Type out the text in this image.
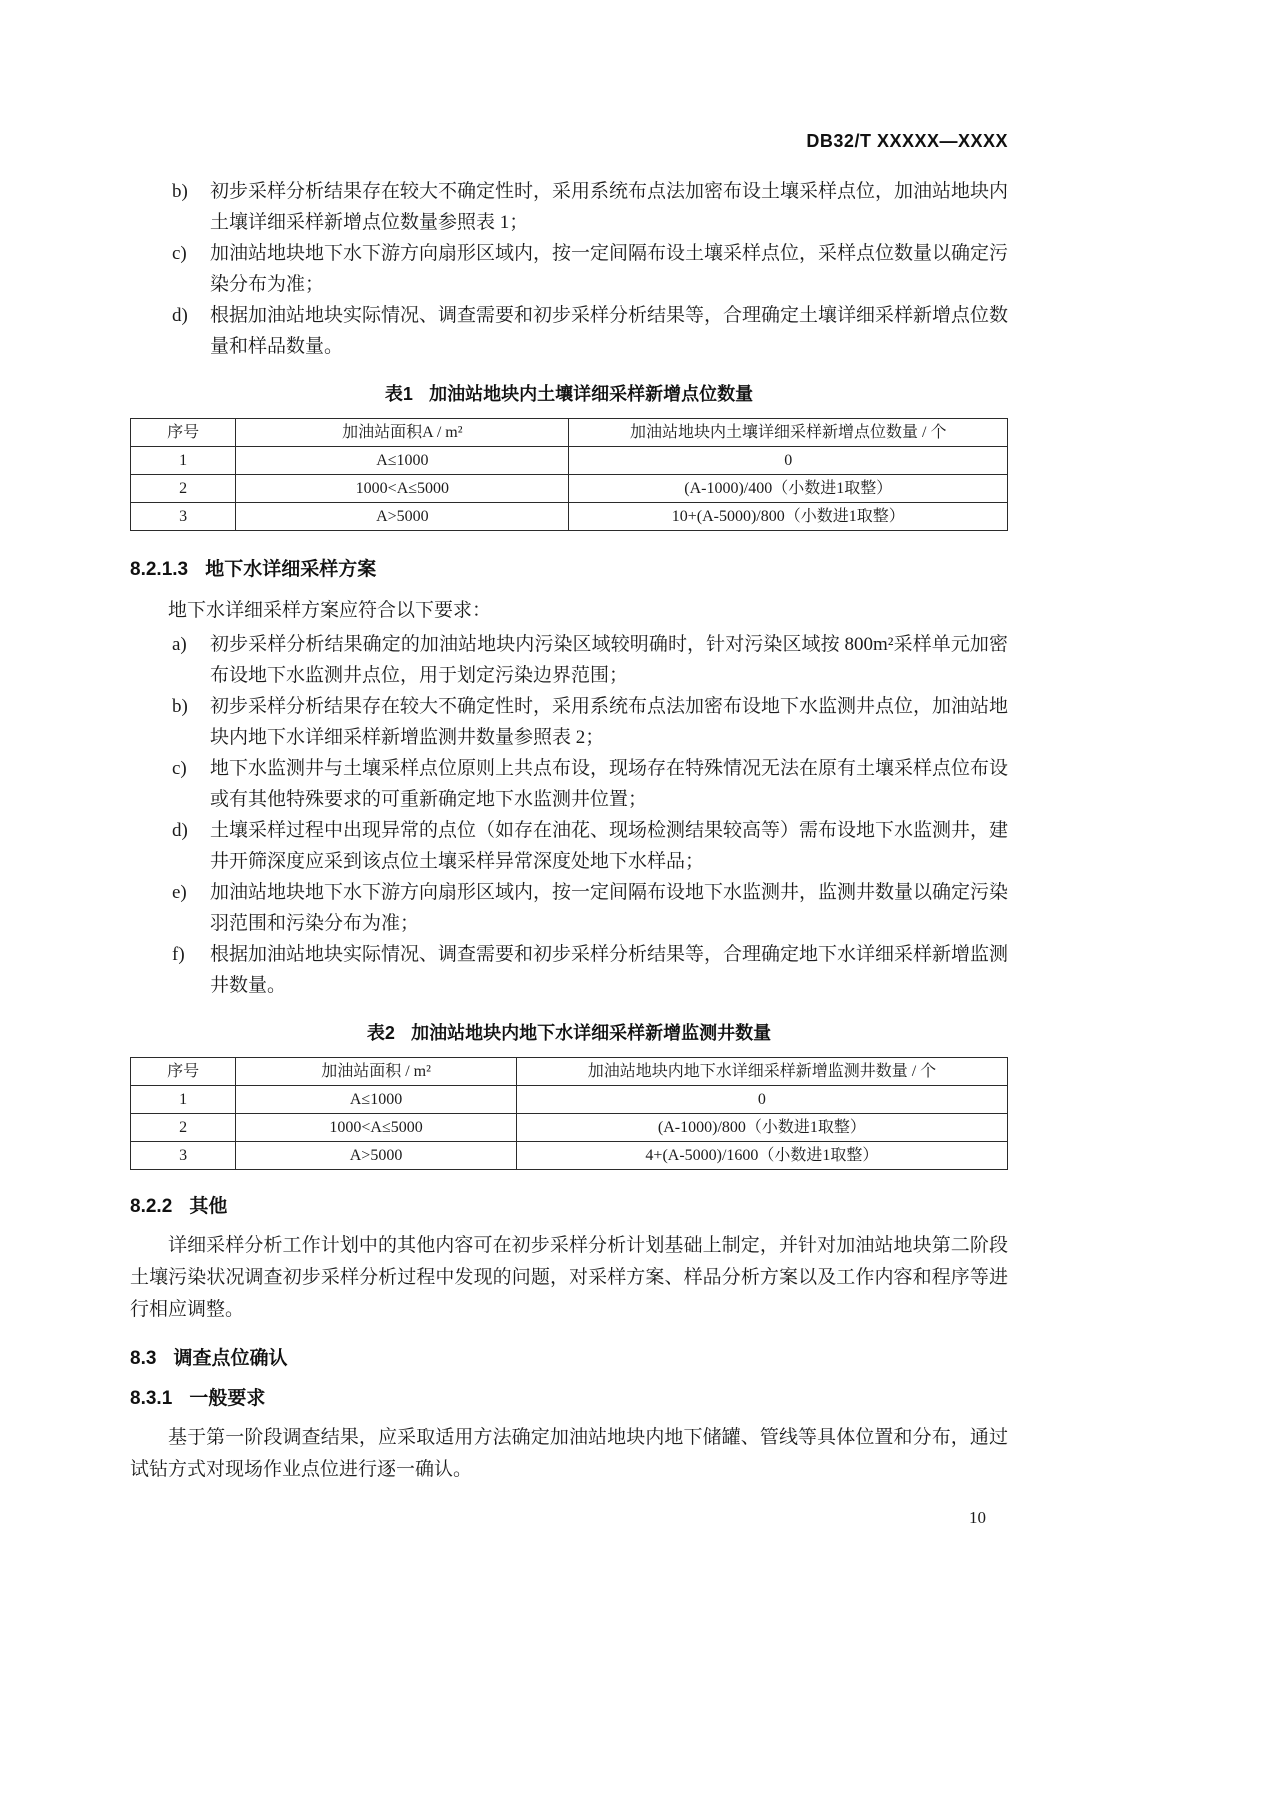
DB32/T XXXXX—XXXX
b) 初步采样分析结果存在较大不确定性时，采用系统布点法加密布设土壤采样点位，加油站地块内土壤详细采样新增点位数量参照表 1；
c) 加油站地块地下水下游方向扇形区域内，按一定间隔布设土壤采样点位，采样点位数量以确定污染分布为准；
d) 根据加油站地块实际情况、调查需要和初步采样分析结果等，合理确定土壤详细采样新增点位数量和样品数量。

表1 加油站地块内土壤详细采样新增点位数量

序号	加油站面积A / m²	加油站地块内土壤详细采样新增点位数量 / 个
1	A≤1000	0
2	1000<A≤5000	(A-1000)/400（小数进1取整）
3	A>5000	10+(A-5000)/800（小数进1取整）
8.2.1.3 地下水详细采样方案

地下水详细采样方案应符合以下要求：

a) 初步采样分析结果确定的加油站地块内污染区域较明确时，针对污染区域按 800m²采样单元加密布设地下水监测井点位，用于划定污染边界范围；
b) 初步采样分析结果存在较大不确定性时，采用系统布点法加密布设地下水监测井点位，加油站地块内地下水详细采样新增监测井数量参照表 2；
c) 地下水监测井与土壤采样点位原则上共点布设，现场存在特殊情况无法在原有土壤采样点位布设或有其他特殊要求的可重新确定地下水监测井位置；
d) 土壤采样过程中出现异常的点位（如存在油花、现场检测结果较高等）需布设地下水监测井，建井开筛深度应采到该点位土壤采样异常深度处地下水样品；
e) 加油站地块地下水下游方向扇形区域内，按一定间隔布设地下水监测井，监测井数量以确定污染羽范围和污染分布为准；
f) 根据加油站地块实际情况、调查需要和初步采样分析结果等，合理确定地下水详细采样新增监测井数量。

表2 加油站地块内地下水详细采样新增监测井数量

序号	加油站面积 / m²	加油站地块内地下水详细采样新增监测井数量 / 个
1	A≤1000	0
2	1000<A≤5000	(A-1000)/800（小数进1取整）
3	A>5000	4+(A-5000)/1600（小数进1取整）
8.2.2 其他

详细采样分析工作计划中的其他内容可在初步采样分析计划基础上制定，并针对加油站地块第二阶段土壤污染状况调查初步采样分析过程中发现的问题，对采样方案、样品分析方案以及工作内容和程序等进行相应调整。

8.3 调查点位确认
8.3.1 一般要求

基于第一阶段调查结果，应采取适用方法确定加油站地块内地下储罐、管线等具体位置和分布，通过试钻方式对现场作业点位进行逐一确认。

10
